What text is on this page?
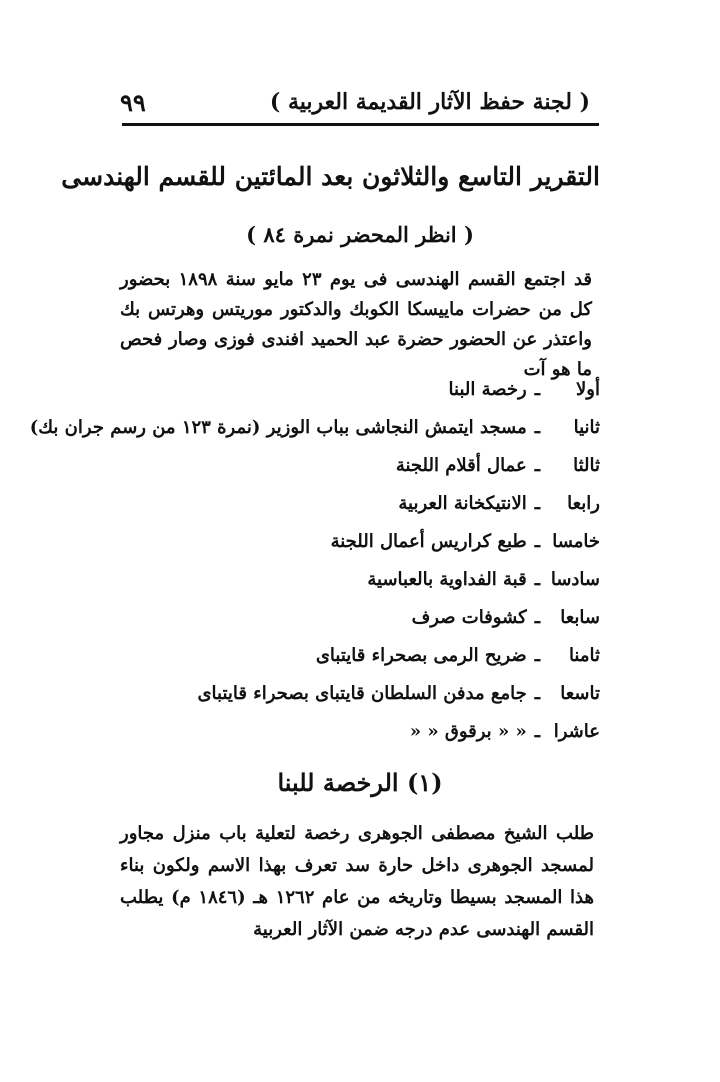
( لجنة حفظ الآثار القديمة العربية )
٩٩
التقرير التاسع والثلاثون بعد المائتين للقسم الهندسى
( انظر المحضر نمرة ٨٤ )

قد اجتمع القسم الهندسى فى يوم ٢٣ مايو سنة ١٨٩٨ بحضور كل من حضرات ماييسكا الكوبك والدكتور موريتس وهرتس بك واعتذر عن الحضور حضرة عبد الحميد افندى فوزى وصار فحص ما هو آت

أولا
ـ
رخصة البنا
ثانيا
ـ
مسجد ايتمش النجاشى بباب الوزير (نمرة ١٢٣ من رسم جران بك)
ثالثا
ـ
عمال أقلام اللجنة
رابعا
ـ
الانتيكخانة العربية
خامسا
ـ
طبع كراريس أعمال اللجنة
سادسا
ـ
قبة الفداوية بالعباسية
سابعا
ـ
كشوفات صرف
ثامنا
ـ
ضريح الرمى بصحراء قايتباى
تاسعا
ـ
جامع مدفن السلطان قايتباى بصحراء قايتباى
عاشرا
ـ
« « برقوق « «
(١) الرخصة للبنا

طلب الشيخ مصطفى الجوهرى رخصة لتعلية باب منزل مجاور لمسجد الجوهرى داخل حارة سد تعرف بهذا الاسم ولكون بناء هذا المسجد بسيطا وتاريخه من عام ١٢٦٢ هـ (١٨٤٦ م) يطلب القسم الهندسى عدم درجه ضمن الآثار العربية
